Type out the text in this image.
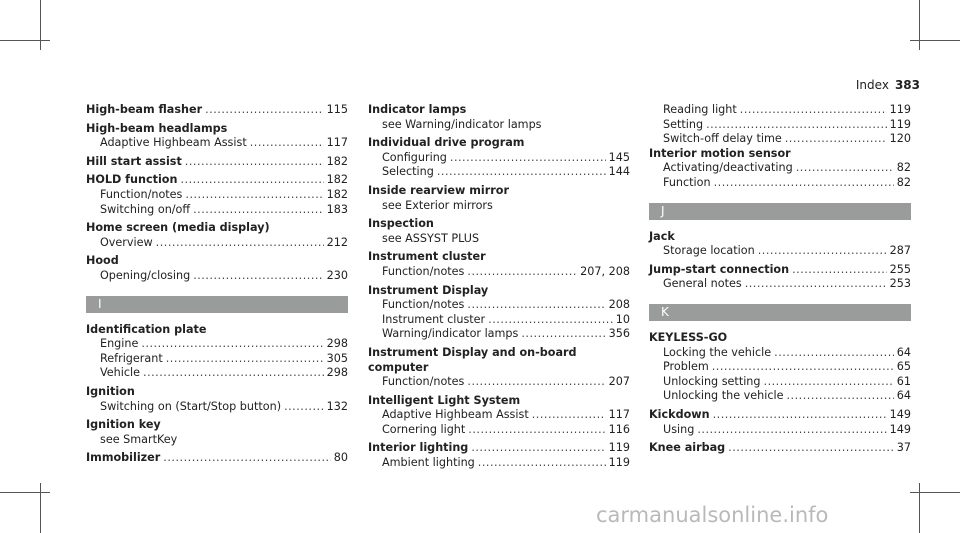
Index 383
High-beam flasher .....	115
High-beam headlamps
Adaptive Highbeam Assist .....	117
Hill start assist .....	182
HOLD function .....	182
Function/notes .....	182
Switching on/off .....	183
Home screen (media display)
Overview .....	212
Hood
Opening/closing .....	230
I
Identification plate
Engine .....	298
Refrigerant .....	305
Vehicle .....	298
Ignition
Switching on (Start/Stop button) .....	132
Ignition key
see SmartKey
Immobilizer .....	80
Indicator lamps
see Warning/indicator lamps
Individual drive program
Configuring .....	145
Selecting .....	144
Inside rearview mirror
see Exterior mirrors
Inspection
see ASSYST PLUS
Instrument cluster
Function/notes .....	207, 208
Instrument Display
Function/notes .....	208
Instrument cluster .....	10
Warning/indicator lamps .....	356
Instrument Display and on-board
computer
Function/notes .....	207
Intelligent Light System
Adaptive Highbeam Assist .....	117
Cornering light .....	116
Interior lighting .....	119
Ambient lighting .....	119
Reading light .....	119
Setting .....	119
Switch-off delay time .....	120
Interior motion sensor
Activating/deactivating .....	82
Function .....	82
J
Jack
Storage location .....	287
Jump-start connection .....	255
General notes .....	253
K
KEYLESS-GO
Locking the vehicle .....	64
Problem .....	65
Unlocking setting .....	61
Unlocking the vehicle .....	64
Kickdown .....	149
Using .....	149
Knee airbag .....	37
carmanualsonline.info
